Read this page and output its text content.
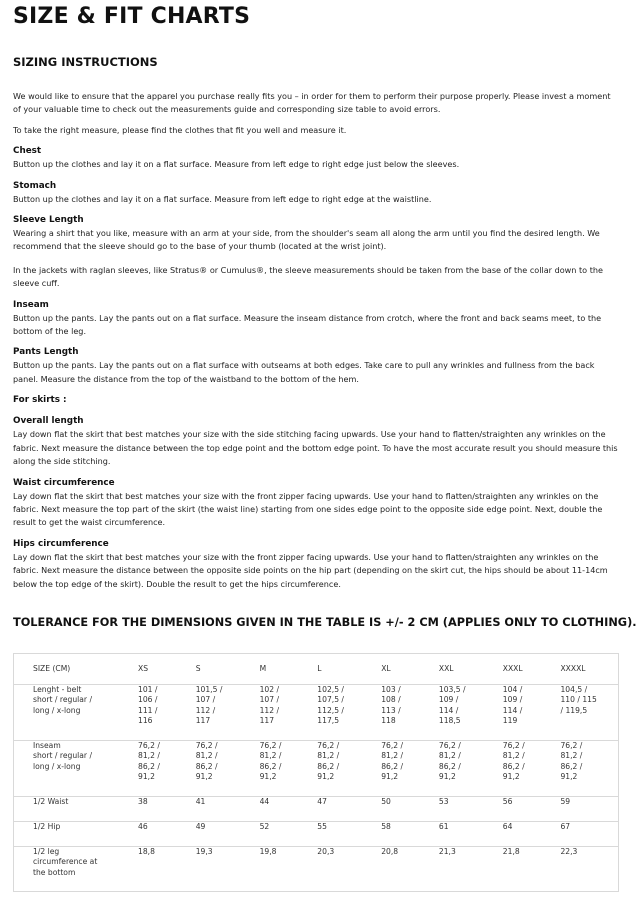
SIZE & FIT CHARTS
SIZING INSTRUCTIONS

We would like to ensure that the apparel you purchase really fits you – in order for them to perform their purpose properly. Please invest a moment of your valuable time to check out the measurements guide and corresponding size table to avoid errors.

To take the right measure, please find the clothes that fit you well and measure it.

Chest

Button up the clothes and lay it on a flat surface. Measure from left edge to right edge just below the sleeves.

Stomach

Button up the clothes and lay it on a flat surface. Measure from left edge to right edge at the waistline.

Sleeve Length

Wearing a shirt that you like, measure with an arm at your side, from the shoulder's seam all along the arm until you find the desired length. We recommend that the sleeve should go to the base of your thumb (located at the wrist joint).

In the jackets with raglan sleeves, like Stratus® or Cumulus®, the sleeve measurements should be taken from the base of the collar down to the sleeve cuff.

Inseam

Button up the pants. Lay the pants out on a flat surface. Measure the inseam distance from crotch, where the front and back seams meet, to the bottom of the leg.

Pants Length

Button up the pants. Lay the pants out on a flat surface with outseams at both edges. Take care to pull any wrinkles and fullness from the back panel. Measure the distance from the top of the waistband to the bottom of the hem.

For skirts :
Overall length

Lay down flat the skirt that best matches your size with the side stitching facing upwards. Use your hand to flatten/straighten any wrinkles on the fabric. Next measure the distance between the top edge point and the bottom edge point. To have the most accurate result you should measure this along the side stitching.

Waist circumference

Lay down flat the skirt that best matches your size with the front zipper facing upwards. Use your hand to flatten/straighten any wrinkles on the fabric. Next measure the top part of the skirt (the waist line) starting from one sides edge point to the opposite side edge point. Next, double the result to get the waist circumference.

Hips circumference

Lay down flat the skirt that best matches your size with the front zipper facing upwards. Use your hand to flatten/straighten any wrinkles on the fabric. Next measure the distance between the opposite side points on the hip part (depending on the skirt cut, the hips should be about 11-14cm below the top edge of the skirt). Double the result to get the hips circumference.

TOLERANCE FOR THE DIMENSIONS GIVEN IN THE TABLE IS +/- 2 CM (APPLIES ONLY TO CLOTHING).
SIZE (CM)	XS	S	M	L	XL	XXL	XXXL	XXXXL

Lenght - belt
short / regular /
long / x-long	101 /
106 /
111 /
116	101,5 /
107 /
112 /
117	102 /
107 /
112 /
117	102,5 /
107,5 /
112,5 /
117,5	103 /
108 /
113 /
118	103,5 /
109 /
114 /
118,5	104 /
109 /
114 /
119	104,5 /
110 / 115
/ 119,5

Inseam
short / regular /
long / x-long	76,2 /
81,2 /
86,2 /
91,2	76,2 /
81,2 /
86,2 /
91,2	76,2 /
81,2 /
86,2 /
91,2	76,2 /
81,2 /
86,2 /
91,2	76,2 /
81,2 /
86,2 /
91,2	76,2 /
81,2 /
86,2 /
91,2	76,2 /
81,2 /
86,2 /
91,2	76,2 /
81,2 /
86,2 /
91,2

1/2 Waist	38	41	44	47	50	53	56	59

1/2 Hip	46	49	52	55	58	61	64	67

1/2 leg
circumference at
the bottom	18,8	19,3	19,8	20,3	20,8	21,3	21,8	22,3
